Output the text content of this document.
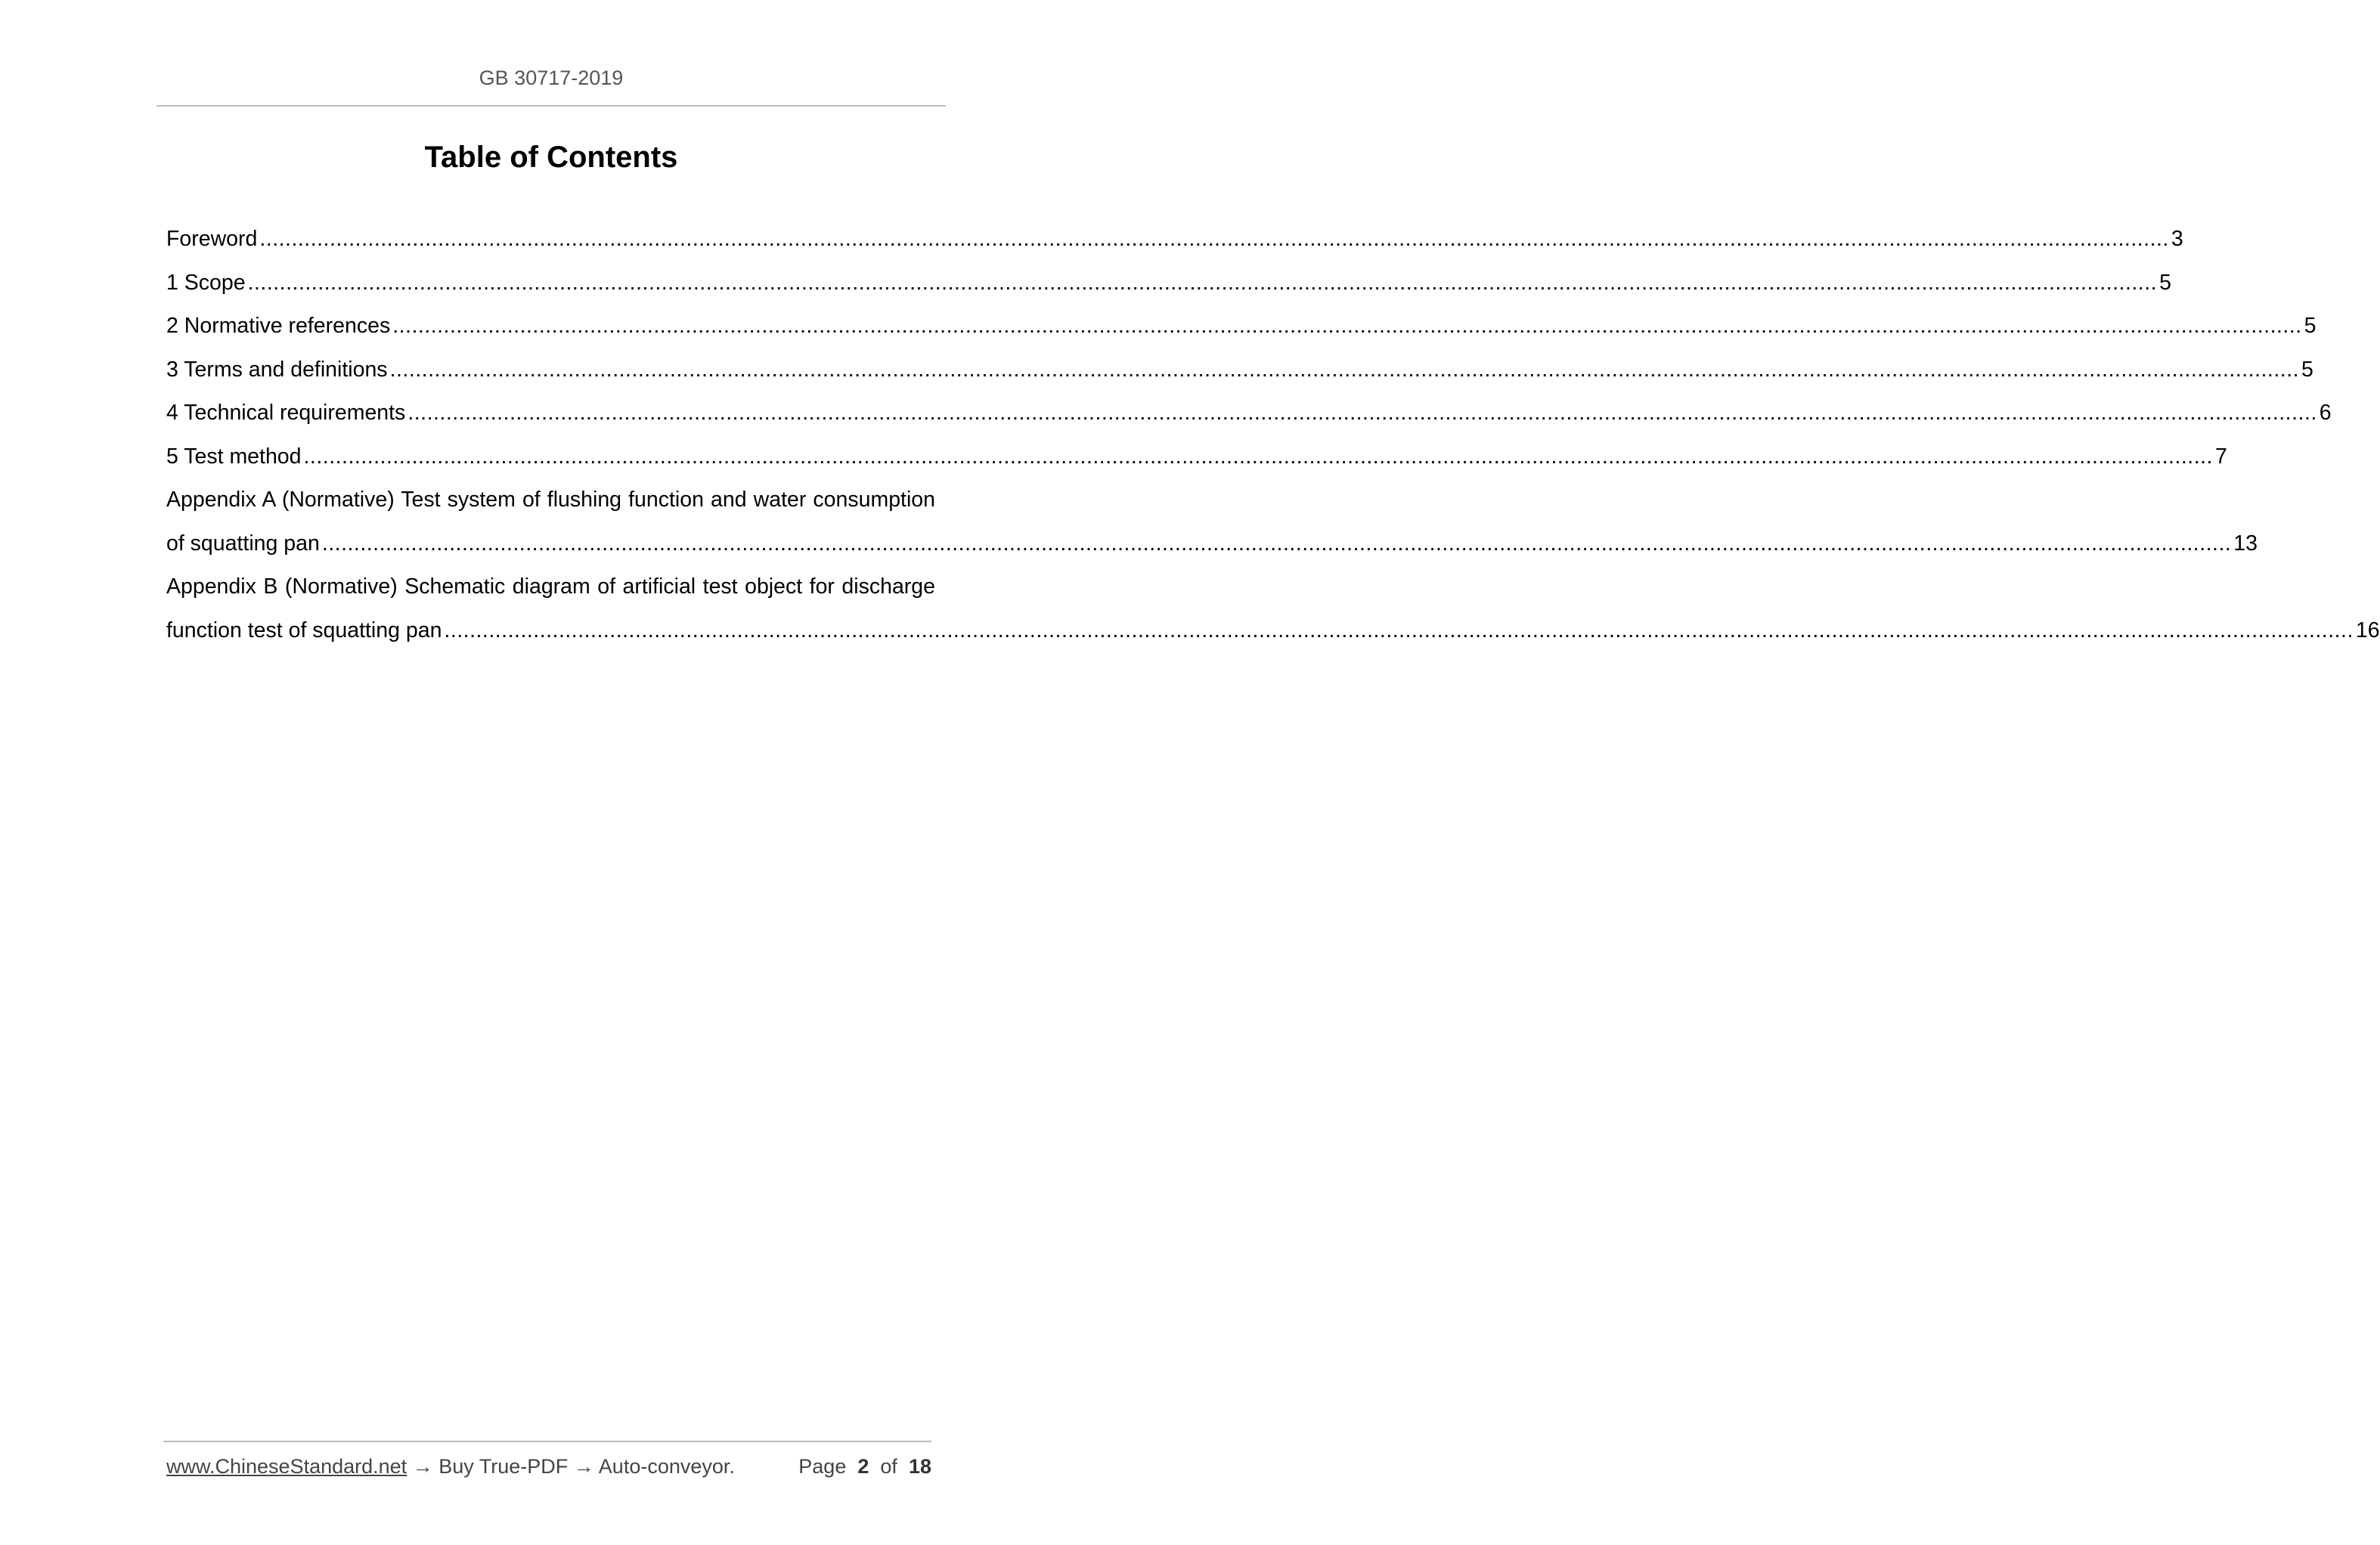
GB 30717-2019
Table of Contents
Foreword ............................................................................................................................................................................................................................................................................................................ 3
1 Scope ............................................................................................................................................................................................................................................................................................................ 5
2 Normative references ............................................................................................................................................................................................................................................................................................................ 5
3 Terms and definitions ............................................................................................................................................................................................................................................................................................................ 5
4 Technical requirements ............................................................................................................................................................................................................................................................................................................ 6
5 Test method ............................................................................................................................................................................................................................................................................................................ 7
Appendix A (Normative) Test system of flushing function and water consumption
of squatting pan ............................................................................................................................................................................................................................................................................................................ 13
Appendix B (Normative) Schematic diagram of artificial test object for discharge
function test of squatting pan ............................................................................................................................................................................................................................................................................................................ 16
www.ChineseStandard.net → Buy True-PDF → Auto-conveyor.	Page 2 of 18
